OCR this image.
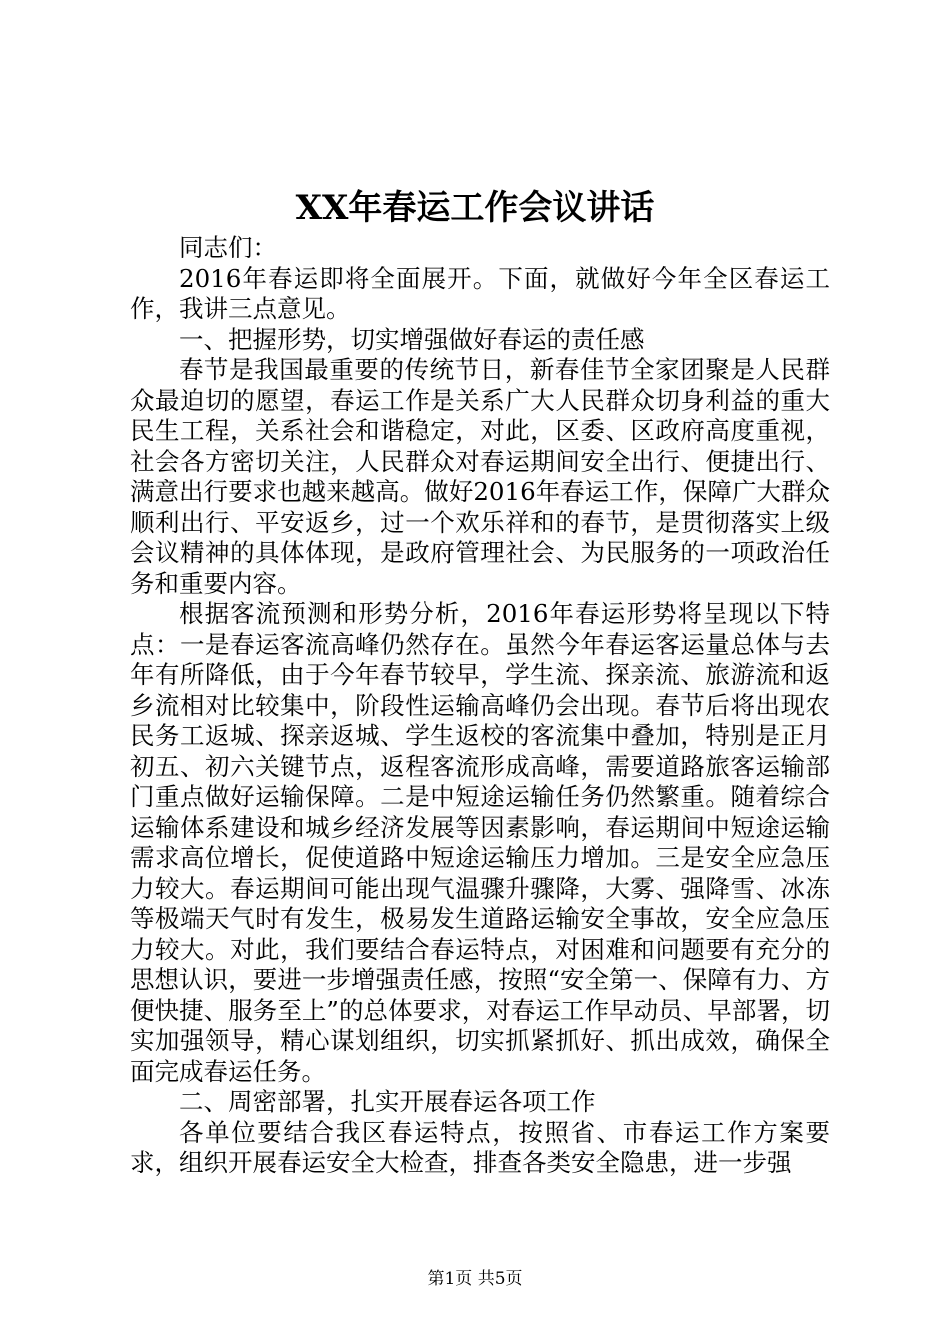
XX年春运工作会议讲话

同志们：

2016年春运即将全面展开。下面，就做好今年全区春运工作，我讲三点意见。

一、把握形势，切实增强做好春运的责任感

春节是我国最重要的传统节日，新春佳节全家团聚是人民群众最迫切的愿望，春运工作是关系广大人民群众切身利益的重大民生工程，关系社会和谐稳定，对此，区委、区政府高度重视，社会各方密切关注，人民群众对春运期间安全出行、便捷出行、满意出行要求也越来越高。做好2016年春运工作，保障广大群众顺利出行、平安返乡，过一个欢乐祥和的春节，是贯彻落实上级会议精神的具体体现，是政府管理社会、为民服务的一项政治任务和重要内容。

根据客流预测和形势分析，2016年春运形势将呈现以下特点：一是春运客流高峰仍然存在。虽然今年春运客运量总体与去年有所降低，由于今年春节较早，学生流、探亲流、旅游流和返乡流相对比较集中，阶段性运输高峰仍会出现。春节后将出现农民务工返城、探亲返城、学生返校的客流集中叠加，特别是正月初五、初六关键节点，返程客流形成高峰，需要道路旅客运输部门重点做好运输保障。二是中短途运输任务仍然繁重。随着综合运输体系建设和城乡经济发展等因素影响，春运期间中短途运输需求高位增长，促使道路中短途运输压力增加。三是安全应急压力较大。春运期间可能出现气温骤升骤降，大雾、强降雪、冰冻等极端天气时有发生，极易发生道路运输安全事故，安全应急压力较大。对此，我们要结合春运特点，对困难和问题要有充分的思想认识，要进一步增强责任感，按照“安全第一、保障有力、方便快捷、服务至上”的总体要求，对春运工作早动员、早部署，切实加强领导，精心谋划组织，切实抓紧抓好、抓出成效，确保全面完成春运任务。

二、周密部署，扎实开展春运各项工作

各单位要结合我区春运特点，按照省、市春运工作方案要求，组织开展春运安全大检查，排查各类安全隐患，进一步强

第1页 共5页
